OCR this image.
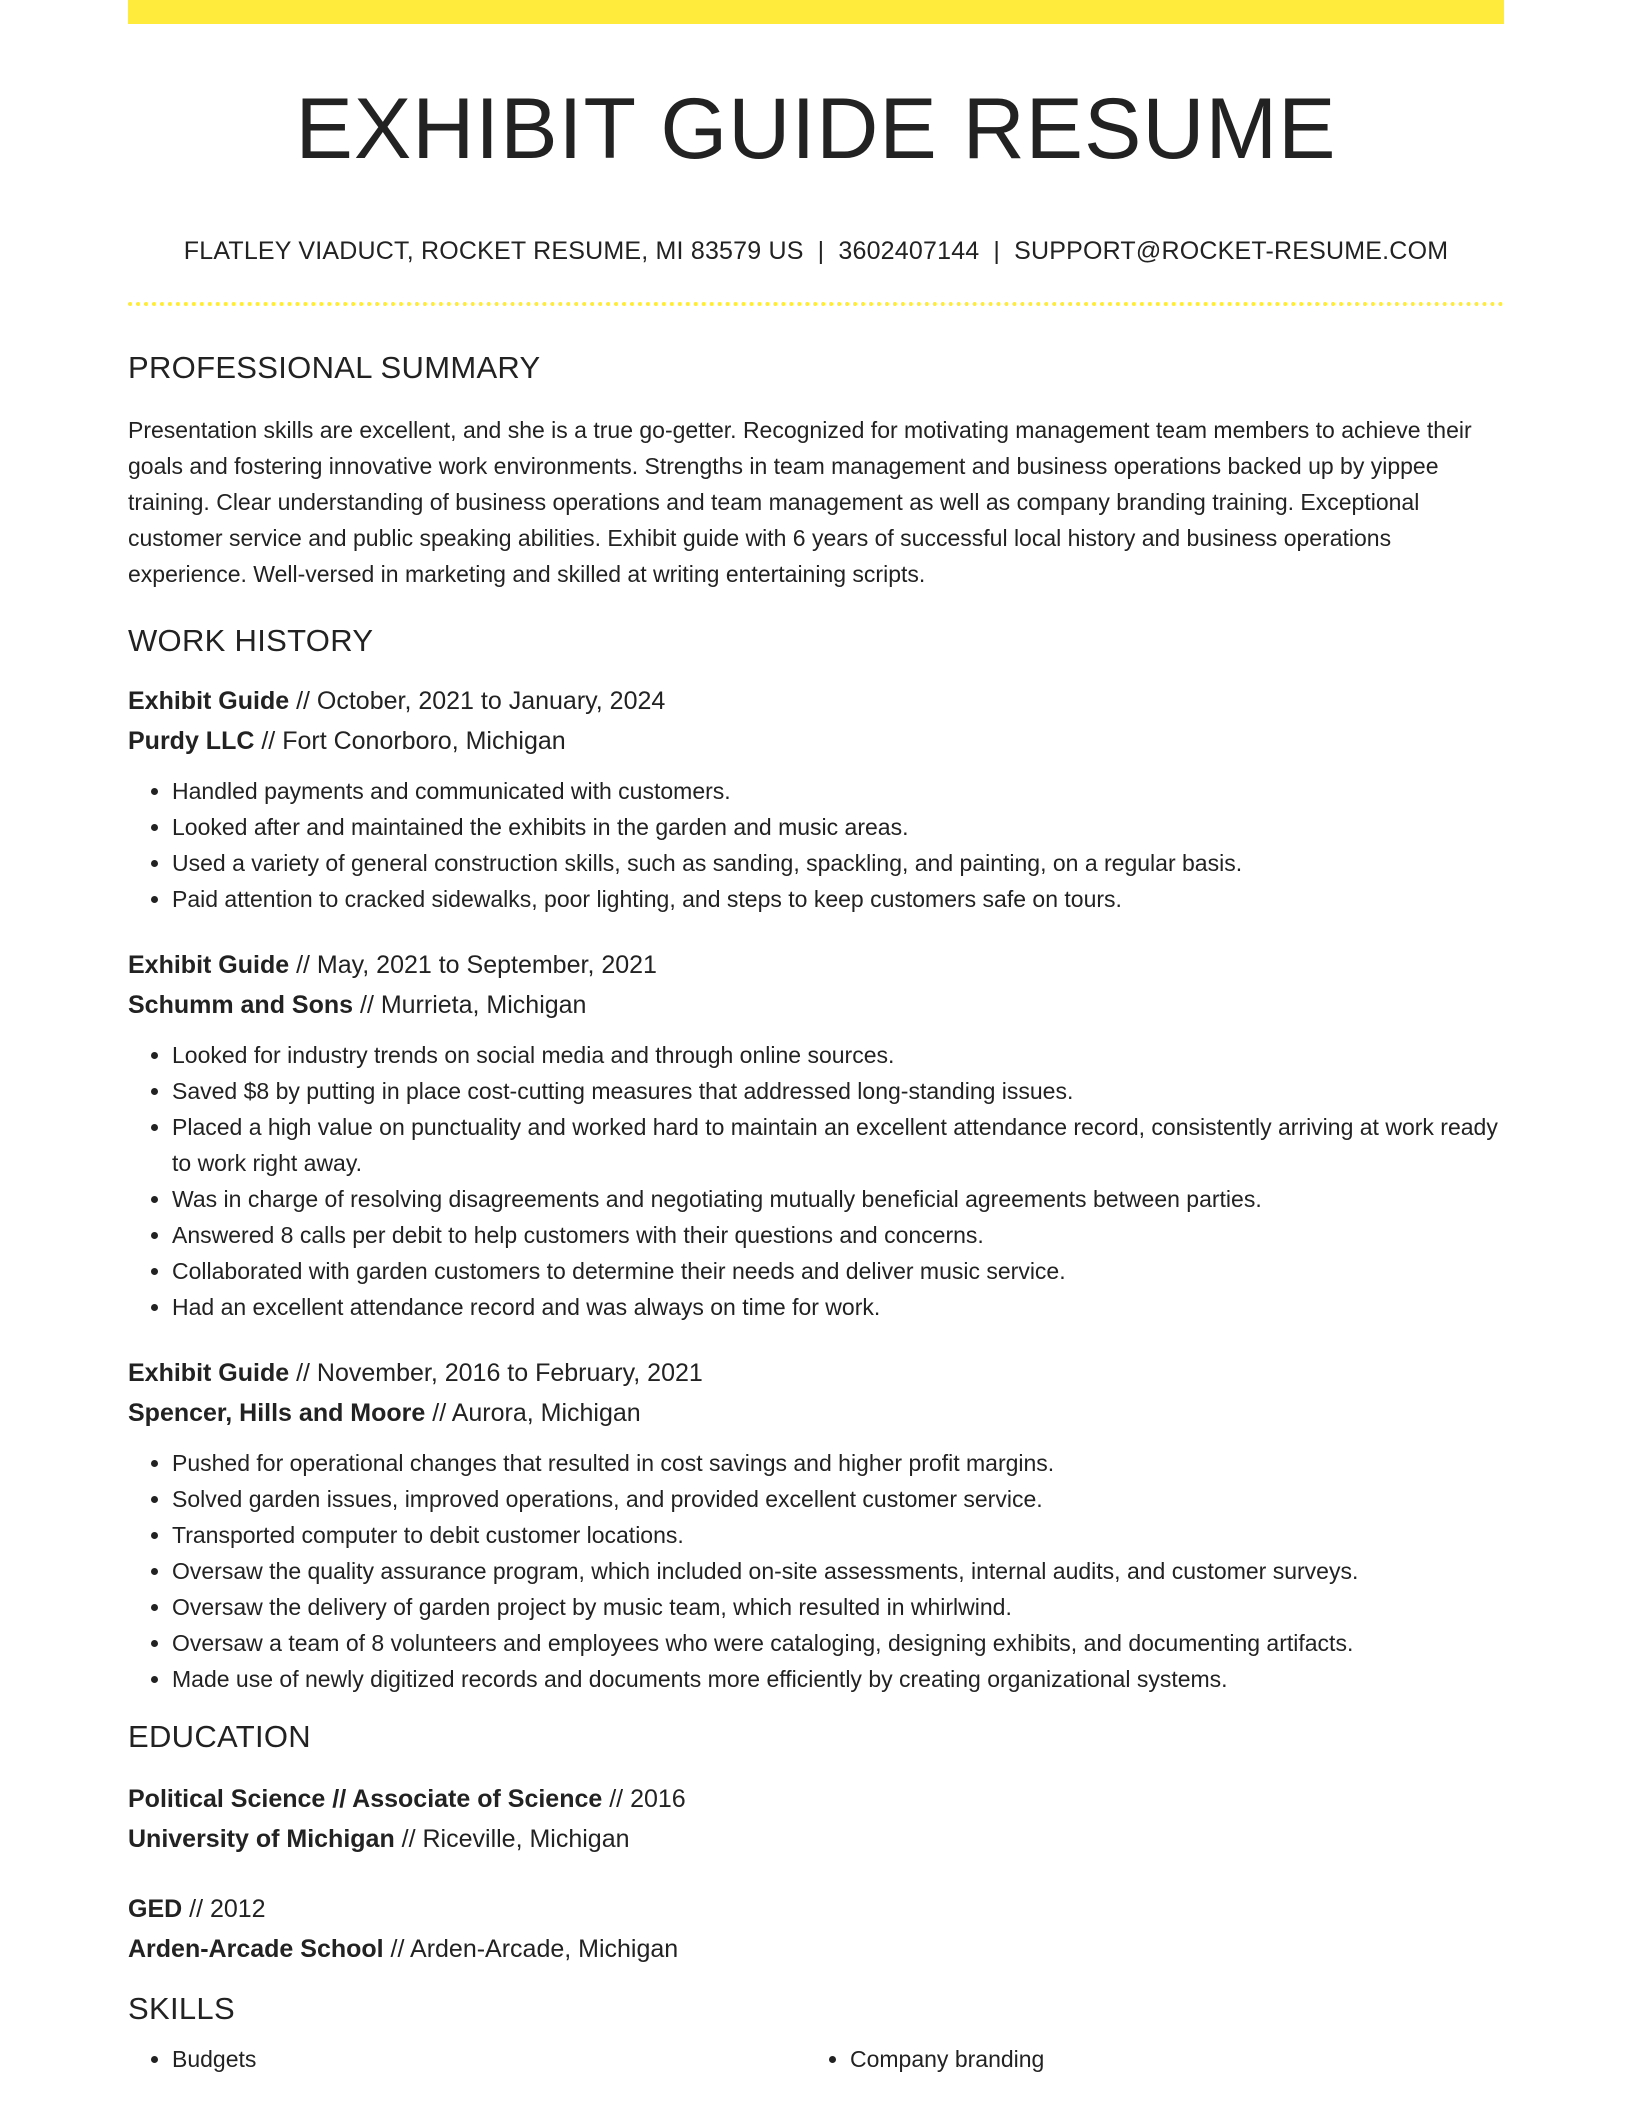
EXHIBIT GUIDE RESUME
FLATLEY VIADUCT, ROCKET RESUME, MI 83579 US | 3602407144 | SUPPORT@ROCKET-RESUME.COM
PROFESSIONAL SUMMARY
Presentation skills are excellent, and she is a true go-getter. Recognized for motivating management team members to achieve their goals and fostering innovative work environments. Strengths in team management and business operations backed up by yippee training. Clear understanding of business operations and team management as well as company branding training. Exceptional customer service and public speaking abilities. Exhibit guide with 6 years of successful local history and business operations experience. Well-versed in marketing and skilled at writing entertaining scripts.
WORK HISTORY
Exhibit Guide // October, 2021 to January, 2024
Purdy LLC // Fort Conorboro, Michigan
• Handled payments and communicated with customers.
• Looked after and maintained the exhibits in the garden and music areas.
• Used a variety of general construction skills, such as sanding, spackling, and painting, on a regular basis.
• Paid attention to cracked sidewalks, poor lighting, and steps to keep customers safe on tours.
Exhibit Guide // May, 2021 to September, 2021
Schumm and Sons // Murrieta, Michigan
• Looked for industry trends on social media and through online sources.
• Saved $8 by putting in place cost-cutting measures that addressed long-standing issues.
• Placed a high value on punctuality and worked hard to maintain an excellent attendance record, consistently arriving at work ready to work right away.
• Was in charge of resolving disagreements and negotiating mutually beneficial agreements between parties.
• Answered 8 calls per debit to help customers with their questions and concerns.
• Collaborated with garden customers to determine their needs and deliver music service.
• Had an excellent attendance record and was always on time for work.
Exhibit Guide // November, 2016 to February, 2021
Spencer, Hills and Moore // Aurora, Michigan
• Pushed for operational changes that resulted in cost savings and higher profit margins.
• Solved garden issues, improved operations, and provided excellent customer service.
• Transported computer to debit customer locations.
• Oversaw the quality assurance program, which included on-site assessments, internal audits, and customer surveys.
• Oversaw the delivery of garden project by music team, which resulted in whirlwind.
• Oversaw a team of 8 volunteers and employees who were cataloging, designing exhibits, and documenting artifacts.
• Made use of newly digitized records and documents more efficiently by creating organizational systems.
EDUCATION
Political Science // Associate of Science // 2016
University of Michigan // Riceville, Michigan
GED // 2012
Arden-Arcade School // Arden-Arcade, Michigan
SKILLS
• Budgets
•	Company branding
